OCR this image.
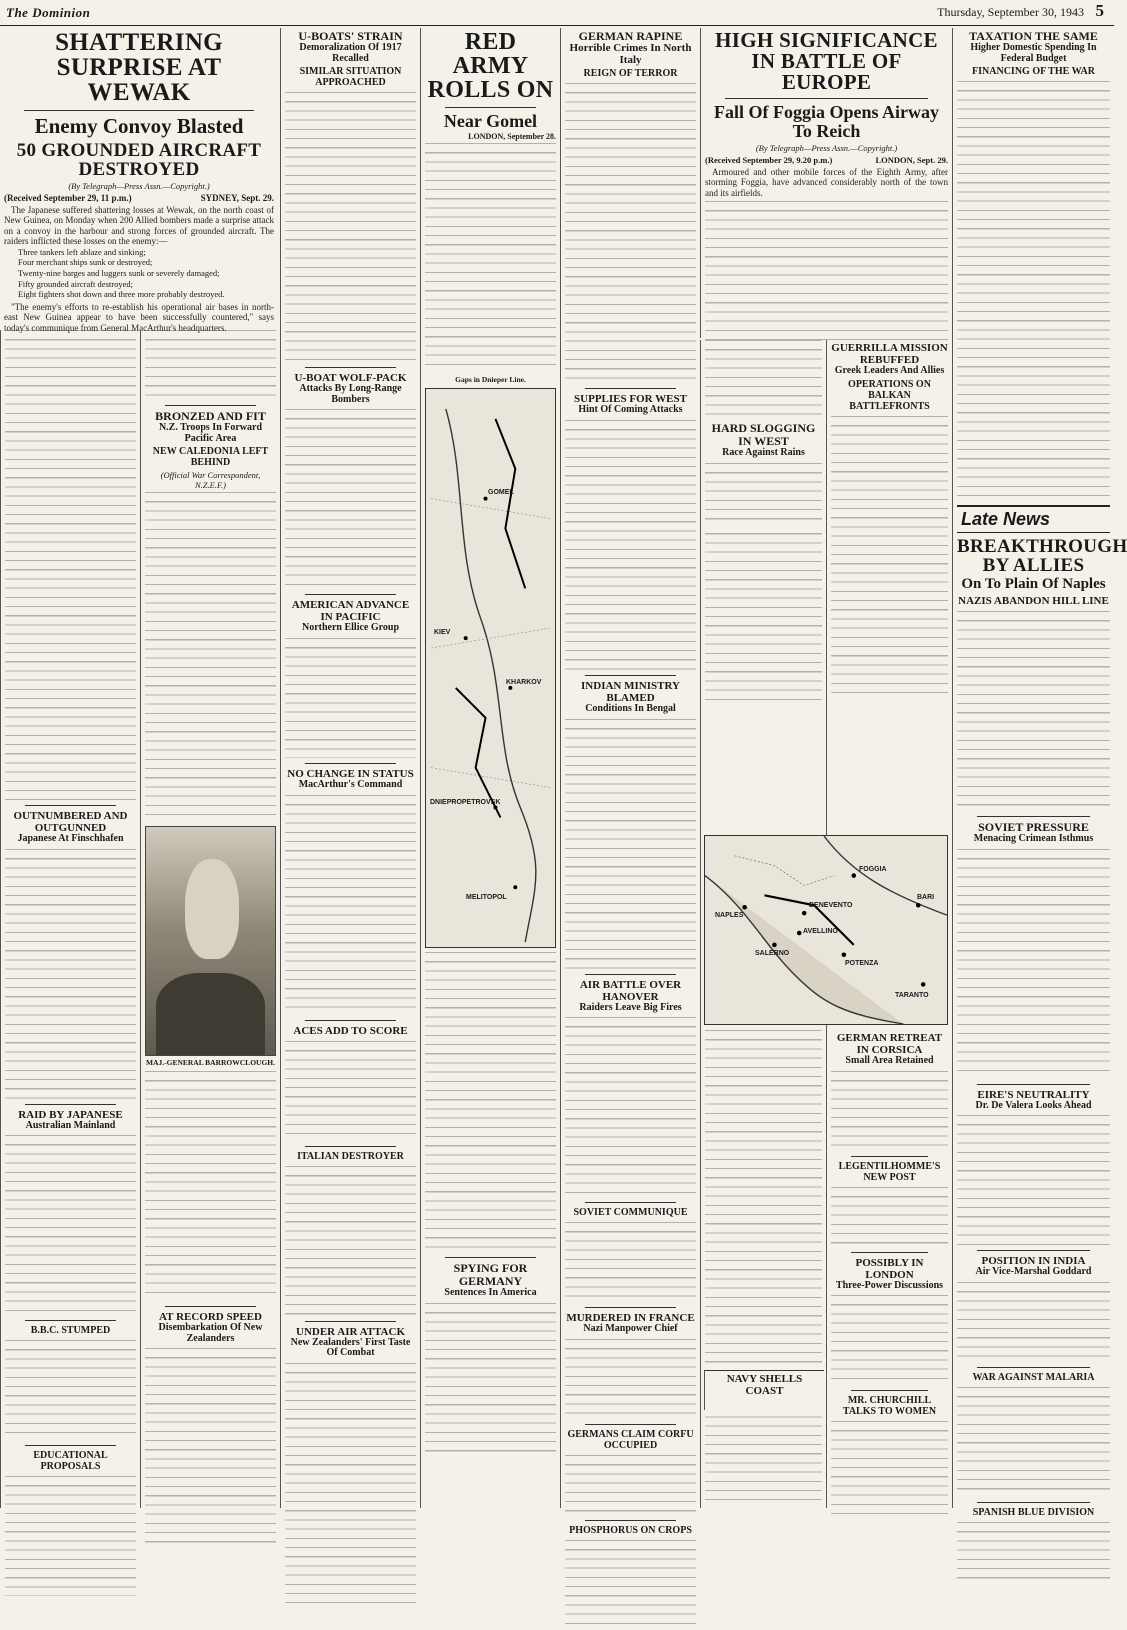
The Dominion	Thursday, September 30, 1943 5
SHATTERING SURPRISE AT WEWAK
Enemy Convoy Blasted
50 GROUNDED AIRCRAFT DESTROYED
(By Telegraph—Press Assn.—Copyright.)
(Received September 29, 11 p.m.)	SYDNEY, Sept. 29.

The Japanese suffered shattering losses at Wewak, on the north coast of New Guinea, on Monday when 200 Allied bombers made a surprise attack on a convoy in the harbour and strong forces of grounded aircraft. The raiders inflicted these losses on the enemy:—

Three tankers left ablaze and sinking;
Four merchant ships sunk or destroyed;
Twenty-nine barges and luggers sunk or severely damaged;
Fifty grounded aircraft destroyed;
Eight fighters shot down and three more probably destroyed.

"The enemy's efforts to re-establish his operational air bases in north-east New Guinea appear to have been successfully countered," says today's communique from General MacArthur's headquarters.

OUTNUMBERED AND OUTGUNNED
Japanese At Finschhafen
RAID BY JAPANESE
Australian Mainland
B.B.C. STUMPED
EDUCATIONAL PROPOSALS
BRONZED AND FIT
N.Z. Troops In Forward Pacific Area
NEW CALEDONIA LEFT BEHIND
(Official War Correspondent, N.Z.E.F.)
MAJ.-GENERAL BARROWCLOUGH.
AT RECORD SPEED
Disembarkation Of New Zealanders
U-BOATS' STRAIN
Demoralization Of 1917 Recalled
SIMILAR SITUATION APPROACHED
U-BOAT WOLF-PACK
Attacks By Long-Range Bombers
AMERICAN ADVANCE IN PACIFIC
Northern Ellice Group
NO CHANGE IN STATUS
MacArthur's Command
ACES ADD TO SCORE
ITALIAN DESTROYER
UNDER AIR ATTACK
New Zealanders' First Taste Of Combat
RED ARMY ROLLS ON
Near Gomel
LONDON, September 28.
Gaps in Dnieper Line.
KIEV
GOMEL
KHARKOV
DNIEPROPETROVSK
MELITOPOL
SPYING FOR GERMANY
Sentences In America
GERMAN RAPINE
Horrible Crimes In North Italy
REIGN OF TERROR
SUPPLIES FOR WEST
Hint Of Coming Attacks
INDIAN MINISTRY BLAMED
Conditions In Bengal
AIR BATTLE OVER HANOVER
Raiders Leave Big Fires
SOVIET COMMUNIQUE
MURDERED IN FRANCE
Nazi Manpower Chief
GERMANS CLAIM CORFU OCCUPIED
PHOSPHORUS ON CROPS
HIGH SIGNIFICANCE IN BATTLE OF EUROPE
Fall Of Foggia Opens Airway To Reich
(By Telegraph—Press Assn.—Copyright.)
(Received September 29, 9.20 p.m.)	LONDON, Sept. 29.

Armoured and other mobile forces of the Eighth Army, after storming Foggia, have advanced considerably north of the town and its airfields.

GUERRILLA MISSION REBUFFED
Greek Leaders And Allies
OPERATIONS ON BALKAN BATTLEFRONTS
HARD SLOGGING IN WEST
Race Against Rains
NAPLES
FOGGIA
SALERNO
BENEVENTO
AVELLINO
POTENZA
TARANTO
BARI
GERMAN RETREAT IN CORSICA
Small Area Retained
LEGENTILHOMME'S NEW POST
POSSIBLY IN LONDON
Three-Power Discussions
MR. CHURCHILL TALKS TO WOMEN
NAVY SHELLS COAST
TAXATION THE SAME
Higher Domestic Spending In Federal Budget
FINANCING OF THE WAR
Late News
BREAKTHROUGH BY ALLIES
On To Plain Of Naples
NAZIS ABANDON HILL LINE
SOVIET PRESSURE
Menacing Crimean Isthmus
EIRE'S NEUTRALITY
Dr. De Valera Looks Ahead
POSITION IN INDIA
Air Vice-Marshal Goddard
WAR AGAINST MALARIA
SPANISH BLUE DIVISION
